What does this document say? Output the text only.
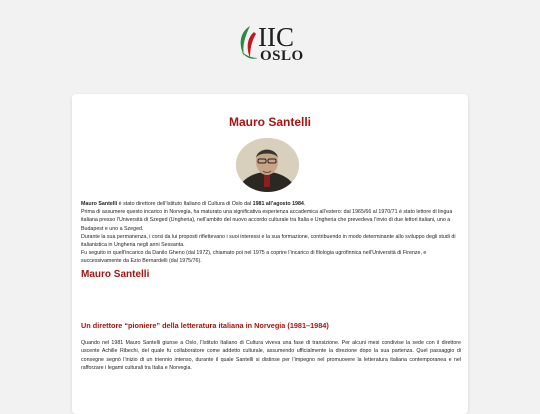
IIC
OSLO
Mauro Santelli

Mauro Santelli è stato direttore dell’Istituto Italiano di Cultura di Oslo dal 1981 all’agosto 1984.

Prima di assumere questo incarico in Norvegia, ha maturato una significativa esperienza accademica all’estero: dal 1965/66 al 1970/71 è stato lettore di lingua italiana presso l’Università di Szeged (Ungheria), nell’ambito del nuovo accordo culturale tra Italia e Ungheria che prevedeva l’invio di due lettori italiani, uno a Budapest e uno a Szeged.

Durante la sua permanenza, i corsi da lui proposti riflettevano i suoi interessi e la sua formazione, contribuendo in modo determinante allo sviluppo degli studi di italianistica in Ungheria negli anni Sessanta.

Fu seguito in quell’incarico da Danilo Gheno (dal 1972), chiamato poi nel 1975 a coprire l’incarico di filologia ugrofinnica nell’Università di Firenze, e successivamente da Ezio Bernardelli (dal 1975/76).

Mauro Santelli
Un direttore “pioniere” della letteratura italiana in Norvegia (1981–1984)

Quando nel 1981 Mauro Santelli giunse a Oslo, l’Istituto Italiano di Cultura viveva una fase di transizione. Per alcuni mesi condivise la sede con il direttore uscente Achille Ribechi, del quale fu collaboratore come addetto culturale, assumendo ufficialmente la direzione dopo la sua partenza. Quel passaggio di consegne segnò l’inizio di un triennio intenso, durante il quale Santelli si distinse per l’impegno nel promuovere la letteratura italiana contemporanea e nel rafforzare i legami culturali tra Italia e Norvegia.
